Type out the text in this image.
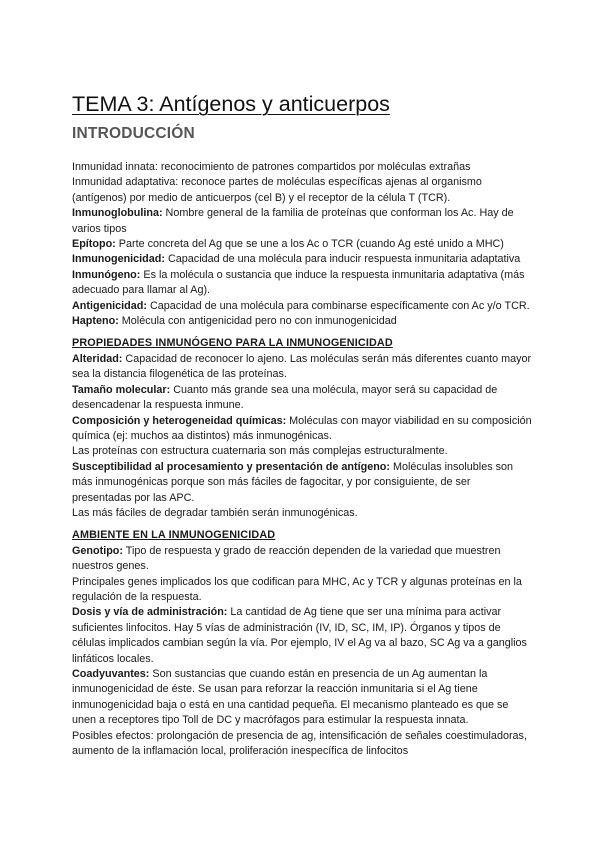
TEMA 3: Antígenos y anticuerpos
INTRODUCCIÓN

Inmunidad innata: reconocimiento de patrones compartidos por moléculas extrañas

Inmunidad adaptativa: reconoce partes de moléculas específicas ajenas al organismo (antígenos) por medio de anticuerpos (cel B) y el receptor de la célula T (TCR).

Inmunoglobulina: Nombre general de la familia de proteínas que conforman los Ac. Hay de varios tipos

Epítopo: Parte concreta del Ag que se une a los Ac o TCR (cuando Ag esté unido a MHC)

Inmunogenicidad: Capacidad de una molécula para inducir respuesta inmunitaria adaptativa

Inmunógeno: Es la molécula o sustancia que induce la respuesta inmunitaria adaptativa (más adecuado para llamar al Ag).

Antigenicidad: Capacidad de una molécula para combinarse específicamente con Ac y/o TCR.

Hapteno: Molécula con antigenicidad pero no con inmunogenicidad

PROPIEDADES INMUNÓGENO PARA LA INMUNOGENICIDAD

Alteridad: Capacidad de reconocer lo ajeno. Las moléculas serán más diferentes cuanto mayor sea la distancia filogenética de las proteínas.

Tamaño molecular: Cuanto más grande sea una molécula, mayor será su capacidad de desencadenar la respuesta inmune.

Composición y heterogeneidad químicas: Moléculas con mayor viabilidad en su composición química (ej: muchos aa distintos) más inmunogénicas.

Las proteínas con estructura cuaternaria son más complejas estructuralmente.

Susceptibilidad al procesamiento y presentación de antígeno: Moléculas insolubles son más inmunogénicas porque son más fáciles de fagocitar, y por consiguiente, de ser presentadas por las APC.

Las más fáciles de degradar también serán inmunogénicas.

AMBIENTE EN LA INMUNOGENICIDAD

Genotipo: Tipo de respuesta y grado de reacción dependen de la variedad que muestren nuestros genes.

Principales genes implicados los que codifican para MHC, Ac y TCR y algunas proteínas en la regulación de la respuesta.

Dosis y vía de administración: La cantidad de Ag tiene que ser una mínima para activar suficientes linfocitos. Hay 5 vías de administración (IV, ID, SC, IM, IP). Órganos y tipos de células implicados cambian según la vía. Por ejemplo, IV el Ag va al bazo, SC Ag va a ganglios linfáticos locales.

Coadyuvantes: Son sustancias que cuando están en presencia de un Ag aumentan la inmunogenicidad de éste. Se usan para reforzar la reacción inmunitaria si el Ag tiene inmunogenicidad baja o está en una cantidad pequeña. El mecanismo planteado es que se unen a receptores tipo Toll de DC y macrófagos para estimular la respuesta innata.

Posibles efectos: prolongación de presencia de ag, intensificación de señales coestimuladoras, aumento de la inflamación local, proliferación inespecífica de linfocitos
